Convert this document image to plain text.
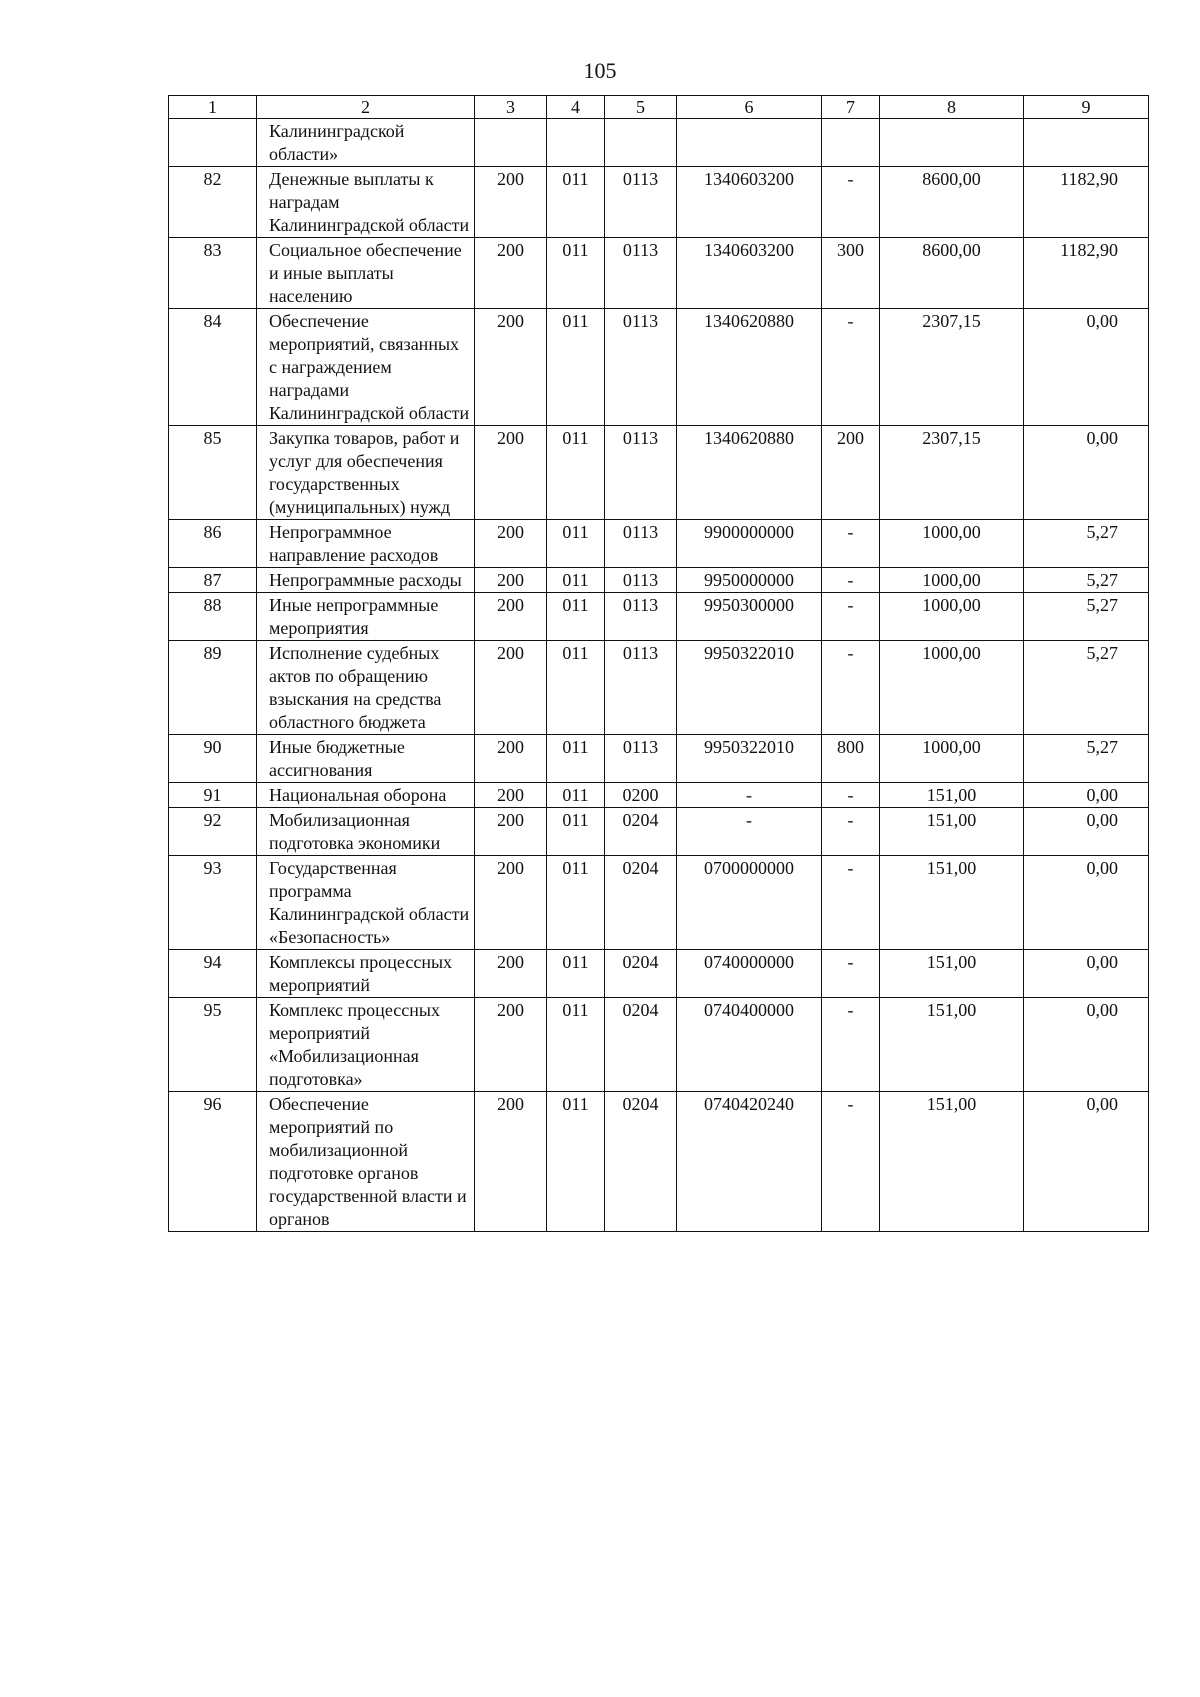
105
1	2	3	4	5	6	7	8	9
	Калининградской области»							
82	Денежные выплаты к наградам Калининградской области	200	011	0113	1340603200	-	8600,00	1182,90
83	Социальное обеспечение и иные выплаты населению	200	011	0113	1340603200	300	8600,00	1182,90
84	Обеспечение мероприятий, связанных с награждением наградами Калининградской области	200	011	0113	1340620880	-	2307,15	0,00
85	Закупка товаров, работ и услуг для обеспечения государственных (муниципальных) нужд	200	011	0113	1340620880	200	2307,15	0,00
86	Непрограммное направление расходов	200	011	0113	9900000000	-	1000,00	5,27
87	Непрограммные расходы	200	011	0113	9950000000	-	1000,00	5,27
88	Иные непрограммные мероприятия	200	011	0113	9950300000	-	1000,00	5,27
89	Исполнение судебных актов по обращению взыскания на средства областного бюджета	200	011	0113	9950322010	-	1000,00	5,27
90	Иные бюджетные ассигнования	200	011	0113	9950322010	800	1000,00	5,27
91	Национальная оборона	200	011	0200	-	-	151,00	0,00
92	Мобилизационная подготовка экономики	200	011	0204	-	-	151,00	0,00
93	Государственная программа Калининградской области «Безопасность»	200	011	0204	0700000000	-	151,00	0,00
94	Комплексы процессных мероприятий	200	011	0204	0740000000	-	151,00	0,00
95	Комплекс процессных мероприятий «Мобилизационная подготовка»	200	011	0204	0740400000	-	151,00	0,00
96	Обеспечение мероприятий по мобилизационной подготовке органов государственной власти и органов	200	011	0204	0740420240	-	151,00	0,00
